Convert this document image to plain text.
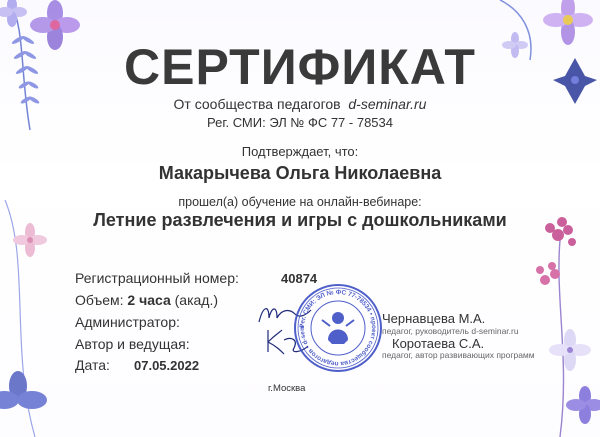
СЕРТИФИКАТ
От сообщества педагогов d-seminar.ru
Рег. СМИ: ЭЛ № ФС 77 - 78534
Подтверждает, что:
Макарычева Ольга Николаевна
прошел(а) обучение на онлайн-вебинаре:
Летние развлечения и игры с дошкольниками
Регистрационный номер:	40874
Объем: 2 часа (акад.)
Администратор:
Автор и ведущая:
Дата: 07.05.2022
Рег. СМИ: ЭЛ № ФС 77-78534 • проект сообщества педагогов • d-sem
Чернавцева М.А.
педагог, руководитель d-seminar.ru
Коротаева С.А.
педагог, автор развивающих программ
г.Москва
